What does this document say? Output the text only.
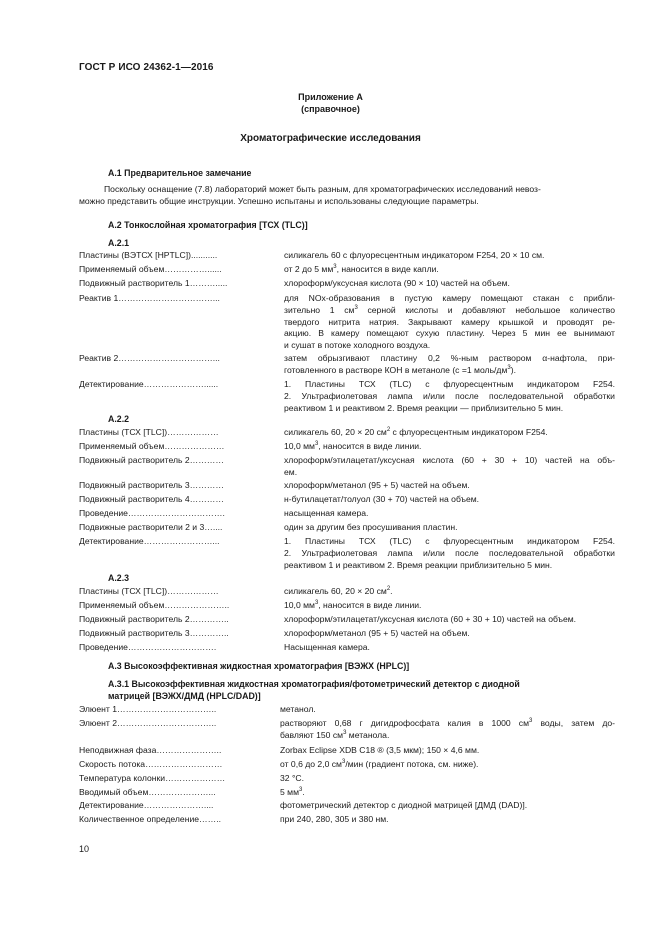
ГОСТ Р ИСО 24362-1—2016
Приложение А
(справочное)
Хроматографические исследования
А.1 Предварительное замечание
Поскольку оснащение (7.8) лабораторий может быть разным, для хроматографических исследований невоз-
можно представить общие инструкции. Успешно испытаны и использованы следующие параметры.
А.2 Тонкослойная хроматография [ТСХ (TLC)]
А.2.1
Пластины (ВЭТСХ [HPTLC])...........	силикагель 60 с флуоресцентным индикатором F254, 20 × 10 см.
Применяемый объем……………......	от 2 до 5 $мм^3$, наносится в виде капли.
Подвижный растворитель 1……….....	хлороформ/уксусная кислота (90 × 10) частей на объем.
Реактив 1……………………………...	для NOx-образования в пустую камеру помещают стакан с прибли-
зительно 1 $см^3$ серной кислоты и добавляют небольшое количество
твердого нитрита натрия. Закрывают камеру крышкой и проводят ре-
акцию. В камеру помещают сухую пластину. Через 5 мин ее вынимают
и сушат в потоке холодного воздуха.
Реактив 2……………………………...	затем обрызгивают пластину 0,2 %-ным раствором α-нафтола, при-
готовленного в растворе КОН в метаноле (с =1 моль/$дм^3$).
Детектирование…………………......	1. Пластины ТСХ (TLC) с флуоресцентным индикатором F254.
2. Ультрафиолетовая лампа и/или после последовательной обработки
реактивом 1 и реактивом 2. Время реакции — приблизительно 5 мин.
А.2.2
Пластины (ТСХ [TLC])………………	силикагель 60, 20 × 20 $см^2$ с флуоресцентным индикатором F254.
Применяемый объем…………………	10,0 $мм^3$, наносится в виде линии.
Подвижный растворитель 2…………	хлороформ/этилацетат/уксусная кислота (60 + 30 + 10) частей на объ-
ем.
Подвижный растворитель 3…………	хлороформ/метанол (95 + 5) частей на объем.
Подвижный растворитель 4…………	н-бутилацетат/толуол (30 + 70) частей на объем.
Проведение…………………………….	насыщенная камера.
Подвижные растворители 2 и 3…....	один за другим без просушивания пластин.
Детектирование……………………...	1. Пластины ТСХ (TLC) с флуоресцентным индикатором F254.
2. Ультрафиолетовая лампа и/или после последовательной обработки
реактивом 1 и реактивом 2. Время реакции приблизительно 5 мин.
А.2.3
Пластины (ТСХ [TLC])………………	силикагель 60, 20 × 20 $см^2$.
Применяемый объем…………………..	10,0 $мм^3$, наносится в виде линии.
Подвижный растворитель 2…………..	хлороформ/этилацетат/уксусная кислота (60 + 30 + 10) частей на объем.
Подвижный растворитель 3…………..	хлороформ/метанол (95 + 5) частей на объем.
Проведение………………………….	Насыщенная камера.
А.3 Высокоэффективная жидкостная хроматография [ВЭЖХ (HPLC)]
А.3.1 Высокоэффективная жидкостная хроматография/фотометрический детектор с диодной
матрицей [ВЭЖХ/ДМД (HPLC/DAD)]
Элюент 1……………………………..	метанол.
Элюент 2……………………………..	растворяют 0,68 г дигидрофосфата калия в 1000 $см^3$ воды, затем до-
бавляют 150 $см^3$ метанола.
Неподвижная фаза…………………..	Zorbax Eclipse XDB C18 ® (3,5 мкм); 150 × 4,6 мм.
Скорость потока………………………	от 0,6 до 2,0 $см^3$/мин (градиент потока, см. ниже).
Температура колонки…………………	32 °C.
Вводимый объем…………………...	5 $мм^3$.
Детектирование…………………....	фотометрический детектор с диодной матрицей [ДМД (DAD)].
Количественное определение……..	при 240, 280, 305 и 380 нм.
10
